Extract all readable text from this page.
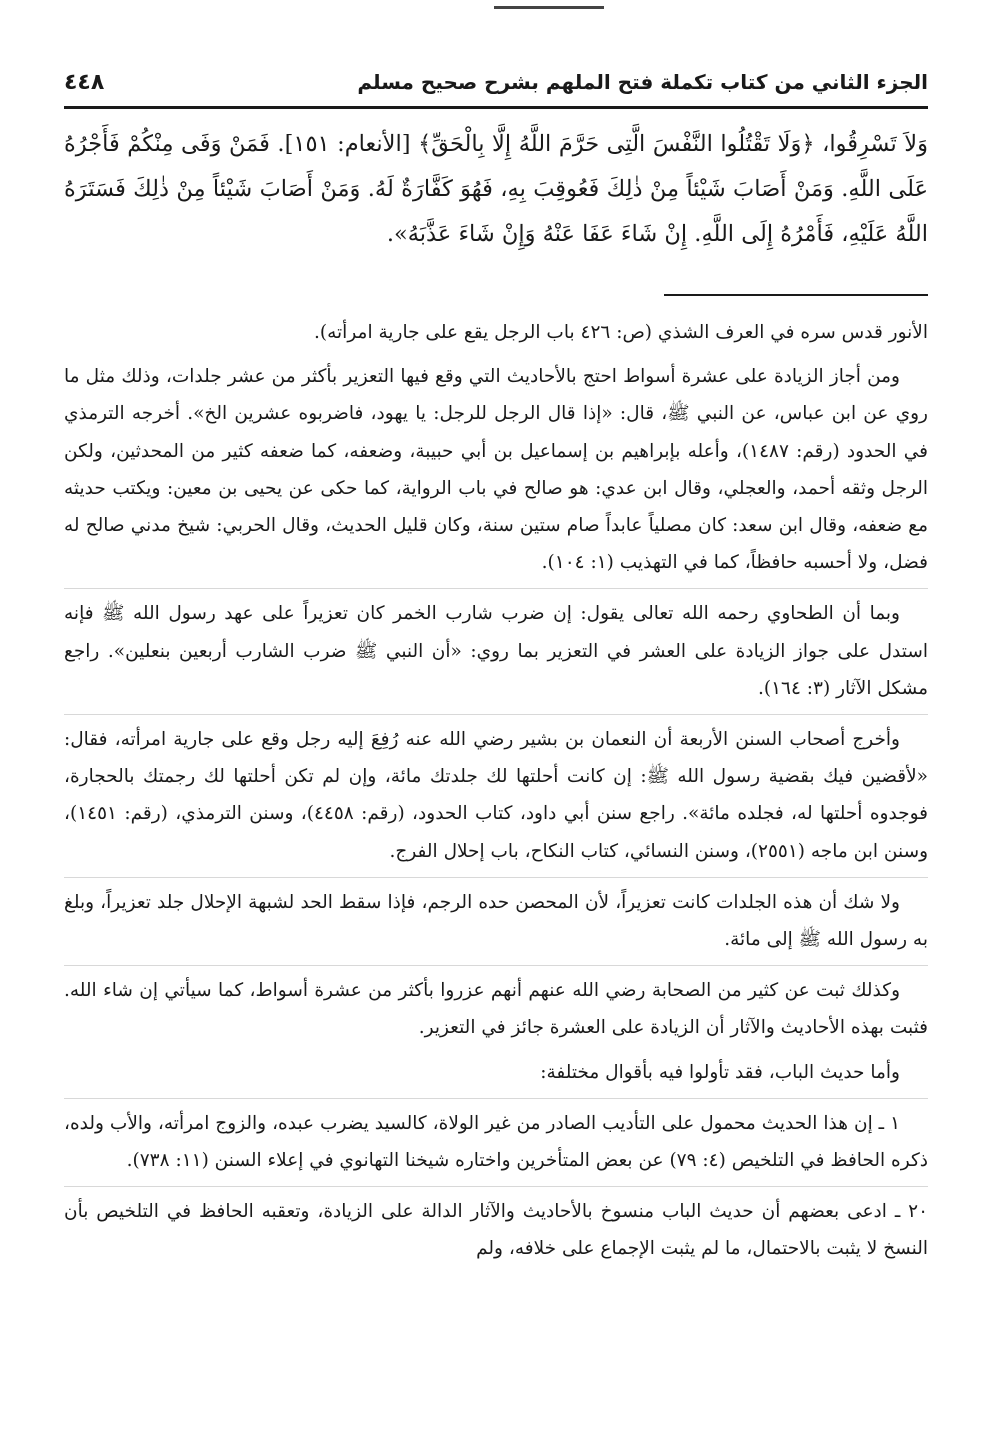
الجزء الثاني من كتاب تكملة فتح الملهم بشرح صحيح مسلم
٤٤٨

وَلاَ تَسْرِقُوا، ﴿وَلَا تَقْتُلُوا النَّفْسَ الَّتِى حَرَّمَ اللَّهُ إِلَّا بِالْحَقِّ﴾ [الأنعام: ١٥١]. فَمَنْ وَفَى مِنْكُمْ فَأَجْرُهُ عَلَى اللَّهِ. وَمَنْ أَصَابَ شَيْئاً مِنْ ذٰلِكَ فَعُوقِبَ بِهِ، فَهُوَ كَفَّارَةٌ لَهُ. وَمَنْ أَصَابَ شَيْئاً مِنْ ذٰلِكَ فَسَتَرَهُ اللَّهُ عَلَيْهِ، فَأَمْرُهُ إِلَى اللَّهِ. إِنْ شَاءَ عَفَا عَنْهُ وَإِنْ شَاءَ عَذَّبَهُ».

الأنور قدس سره في العرف الشذي (ص: ٤٢٦ باب الرجل يقع على جارية امرأته).

ومن أجاز الزيادة على عشرة أسواط احتج بالأحاديث التي وقع فيها التعزير بأكثر من عشر جلدات، وذلك مثل ما روي عن ابن عباس، عن النبي ﷺ، قال: «إذا قال الرجل للرجل: يا يهود، فاضربوه عشرين الخ». أخرجه الترمذي في الحدود (رقم: ١٤٨٧)، وأعله بإبراهيم بن إسماعيل بن أبي حبيبة، وضعفه، كما ضعفه كثير من المحدثين، ولكن الرجل وثقه أحمد، والعجلي، وقال ابن عدي: هو صالح في باب الرواية، كما حكى عن يحيى بن معين: ويكتب حديثه مع ضعفه، وقال ابن سعد: كان مصلياً عابداً صام ستين سنة، وكان قليل الحديث، وقال الحربي: شيخ مدني صالح له فضل، ولا أحسبه حافظاً، كما في التهذيب (١: ١٠٤).

وبما أن الطحاوي رحمه الله تعالى يقول: إن ضرب شارب الخمر كان تعزيراً على عهد رسول الله ﷺ فإنه استدل على جواز الزيادة على العشر في التعزير بما روي: «أن النبي ﷺ ضرب الشارب أربعين بنعلين». راجع مشكل الآثار (٣: ١٦٤).

وأخرج أصحاب السنن الأربعة أن النعمان بن بشير رضي الله عنه رُفِعَ إليه رجل وقع على جارية امرأته، فقال: «لأقضين فيك بقضية رسول الله ﷺ: إن كانت أحلتها لك جلدتك مائة، وإن لم تكن أحلتها لك رجمتك بالحجارة، فوجدوه أحلتها له، فجلده مائة». راجع سنن أبي داود، كتاب الحدود، (رقم: ٤٤٥٨)، وسنن الترمذي، (رقم: ١٤٥١)، وسنن ابن ماجه (٢٥٥١)، وسنن النسائي، كتاب النكاح، باب إحلال الفرج.

ولا شك أن هذه الجلدات كانت تعزيراً، لأن المحصن حده الرجم، فإذا سقط الحد لشبهة الإحلال جلد تعزيراً، وبلغ به رسول الله ﷺ إلى مائة.

وكذلك ثبت عن كثير من الصحابة رضي الله عنهم أنهم عزروا بأكثر من عشرة أسواط، كما سيأتي إن شاء الله. فثبت بهذه الأحاديث والآثار أن الزيادة على العشرة جائز في التعزير.

وأما حديث الباب، فقد تأولوا فيه بأقوال مختلفة:

١ ـ إن هذا الحديث محمول على التأديب الصادر من غير الولاة، كالسيد يضرب عبده، والزوج امرأته، والأب ولده، ذكره الحافظ في التلخيص (٤: ٧٩) عن بعض المتأخرين واختاره شيخنا التهانوي في إعلاء السنن (١١: ٧٣٨).

٢٠ ـ ادعى بعضهم أن حديث الباب منسوخ بالأحاديث والآثار الدالة على الزيادة، وتعقبه الحافظ في التلخيص بأن النسخ لا يثبت بالاحتمال، ما لم يثبت الإجماع على خلافه، ولم
